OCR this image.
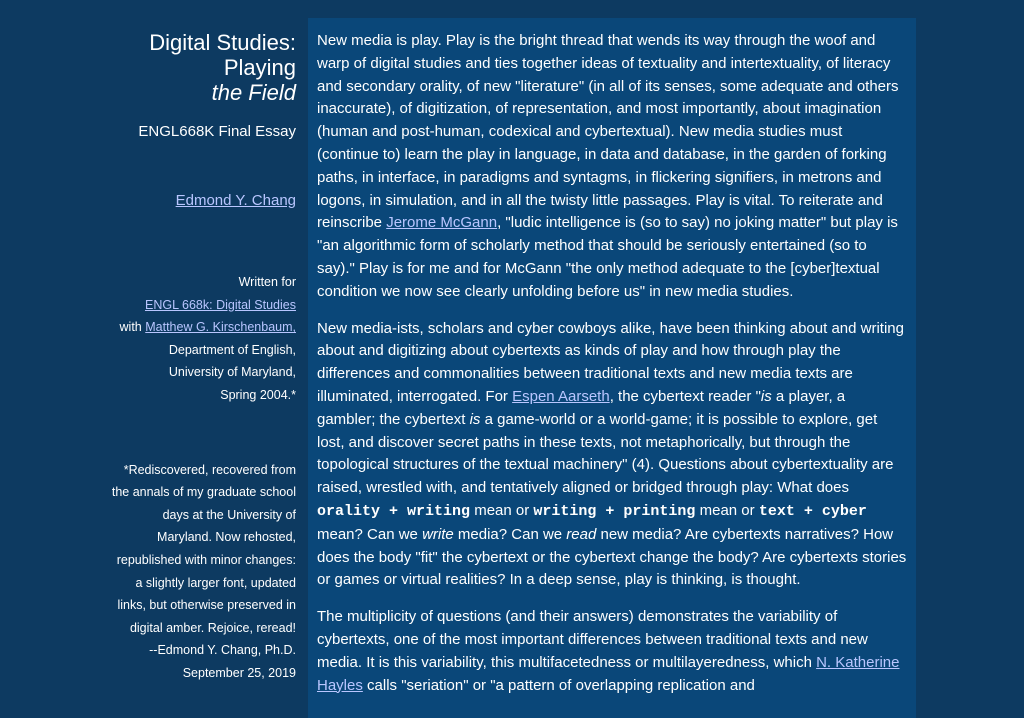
Digital Studies:
Playing
the Field
ENGL668K Final Essay
Edmond Y. Chang
Written for
ENGL 668k: Digital Studies
with Matthew G. Kirschenbaum,
Department of English,
University of Maryland,
Spring 2004.*
*Rediscovered, recovered from
the annals of my graduate school
days at the University of
Maryland. Now rehosted,
republished with minor changes:
a slightly larger font, updated
links, but otherwise preserved in
digital amber. Rejoice, reread!
--Edmond Y. Chang, Ph.D.
September 25, 2019

New media is play. Play is the bright thread that wends its way through the woof and warp of digital studies and ties together ideas of textuality and intertextuality, of literacy and secondary orality, of new "literature" (in all of its senses, some adequate and others inaccurate), of digitization, of representation, and most importantly, about imagination (human and post-human, codexical and cybertextual). New media studies must (continue to) learn the play in language, in data and database, in the garden of forking paths, in interface, in paradigms and syntagms, in flickering signifiers, in metrons and logons, in simulation, and in all the twisty little passages. Play is vital. To reiterate and reinscribe Jerome McGann, "ludic intelligence is (so to say) no joking matter" but play is "an algorithmic form of scholarly method that should be seriously entertained (so to say)." Play is for me and for McGann "the only method adequate to the [cyber]textual condition we now see clearly unfolding before us" in new media studies.

New media-ists, scholars and cyber cowboys alike, have been thinking about and writing about and digitizing about cybertexts as kinds of play and how through play the differences and commonalities between traditional texts and new media texts are illuminated, interrogated. For Espen Aarseth, the cybertext reader "is a player, a gambler; the cybertext is a game-world or a world-game; it is possible to explore, get lost, and discover secret paths in these texts, not metaphorically, but through the topological structures of the textual machinery" (4). Questions about cybertextuality are raised, wrestled with, and tentatively aligned or bridged through play: What does orality + writing mean or writing + printing mean or text + cyber mean? Can we write media? Can we read new media? Are cybertexts narratives? How does the body "fit" the cybertext or the cybertext change the body? Are cybertexts stories or games or virtual realities? In a deep sense, play is thinking, is thought.

The multiplicity of questions (and their answers) demonstrates the variability of cybertexts, one of the most important differences between traditional texts and new media. It is this variability, this multifacetedness or multilayeredness, which N. Katherine Hayles calls "seriation" or "a pattern of overlapping replication and
